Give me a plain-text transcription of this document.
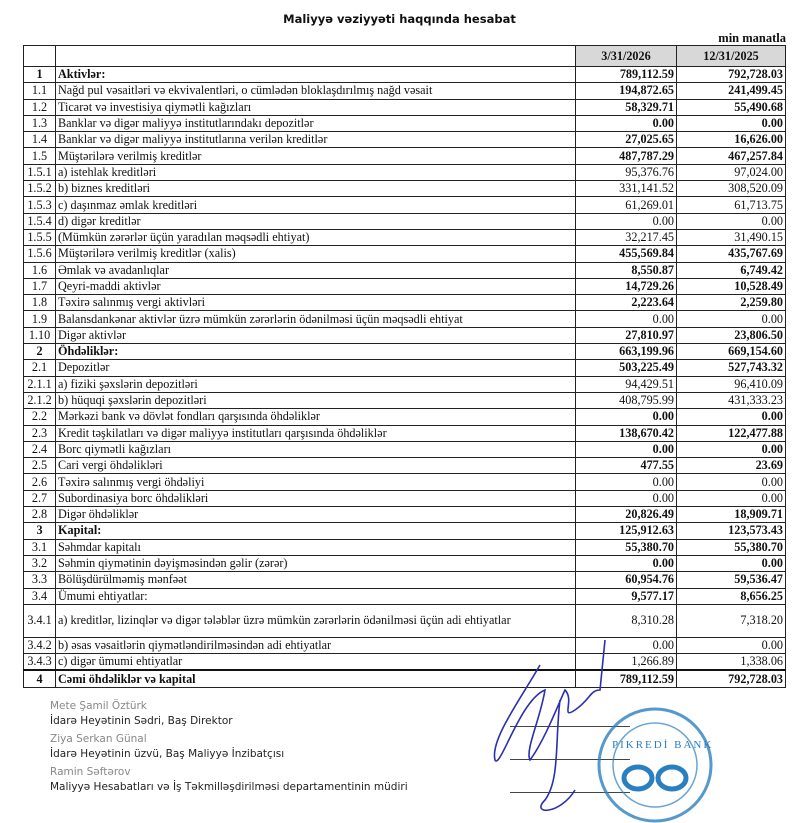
Maliyyə vəziyyəti haqqında hesabat
min manatla
		3/31/2026	12/31/2025
1	Aktivlər:	789,112.59	792,728.03
1.1	Nağd pul vəsaitləri və ekvivalentləri, o cümlədən bloklaşdırılmış nağd vəsait	194,872.65	241,499.45
1.2	Ticarət və investisiya qiymətli kağızları	58,329.71	55,490.68
1.3	Banklar və digər maliyyə institutlarındakı depozitlər	0.00	0.00
1.4	Banklar və digər maliyyə institutlarına verilən kreditlər	27,025.65	16,626.00
1.5	Müştərilərə verilmiş kreditlər	487,787.29	467,257.84
1.5.1	a) istehlak kreditləri	95,376.76	97,024.00
1.5.2	b) biznes kreditləri	331,141.52	308,520.09
1.5.3	c) daşınmaz əmlak kreditləri	61,269.01	61,713.75
1.5.4	d) digər kreditlər	0.00	0.00
1.5.5	(Mümkün zərərlər üçün yaradılan məqsədli ehtiyat)	32,217.45	31,490.15
1.5.6	Müştərilərə verilmiş kreditlər (xalis)	455,569.84	435,767.69
1.6	Əmlak və avadanlıqlar	8,550.87	6,749.42
1.7	Qeyri-maddi aktivlər	14,729.26	10,528.49
1.8	Təxirə salınmış vergi aktivləri	2,223.64	2,259.80
1.9	Balansdankənar aktivlər üzrə mümkün zərərlərin ödənilməsi üçün məqsədli ehtiyat	0.00	0.00
1.10	Digər aktivlər	27,810.97	23,806.50
2	Öhdəliklər:	663,199.96	669,154.60
2.1	Depozitlər	503,225.49	527,743.32
2.1.1	a) fiziki şəxslərin depozitləri	94,429.51	96,410.09
2.1.2	b) hüquqi şəxslərin depozitləri	408,795.99	431,333.23
2.2	Mərkəzi bank və dövlət fondları qarşısında öhdəliklər	0.00	0.00
2.3	Kredit təşkilatları və digər maliyyə institutları qarşısında öhdəliklər	138,670.42	122,477.88
2.4	Borc qiymətli kağızları	0.00	0.00
2.5	Cari vergi öhdəlikləri	477.55	23.69
2.6	Təxirə salınmış vergi öhdəliyi	0.00	0.00
2.7	Subordinasiya borc öhdəlikləri	0.00	0.00
2.8	Digər öhdəliklər	20,826.49	18,909.71
3	Kapital:	125,912.63	123,573.43
3.1	Səhmdar kapitalı	55,380.70	55,380.70
3.2	Səhmin qiymətinin dəyişməsindən gəlir (zərər)	0.00	0.00
3.3	Bölüşdürülməmiş mənfəət	60,954.76	59,536.47
3.4	Ümumi ehtiyatlar:	9,577.17	8,656.25
3.4.1	a) kreditlər, lizinqlər və digər tələblər üzrə mümkün zərərlərin ödənilməsi üçün adi ehtiyatlar	8,310.28	7,318.20
3.4.2	b) əsas vəsaitlərin qiymətləndirilməsindən adi ehtiyatlar	0.00	0.00
3.4.3	c) digər ümumi ehtiyatlar	1,266.89	1,338.06
4	Cəmi öhdəliklər və kapital	789,112.59	792,728.03
Mete Şamil Öztürk
İdarə Heyətinin Sədri, Baş Direktor
Ziya Serkan Günal
İdarə Heyətinin üzvü, Baş Maliyyə İnzibatçısı
Ramin Səftərov
Maliyyə Hesabatları və İş Təkmilləşdirilməsi departamentinin müdiri
PIKREDİ BANK
